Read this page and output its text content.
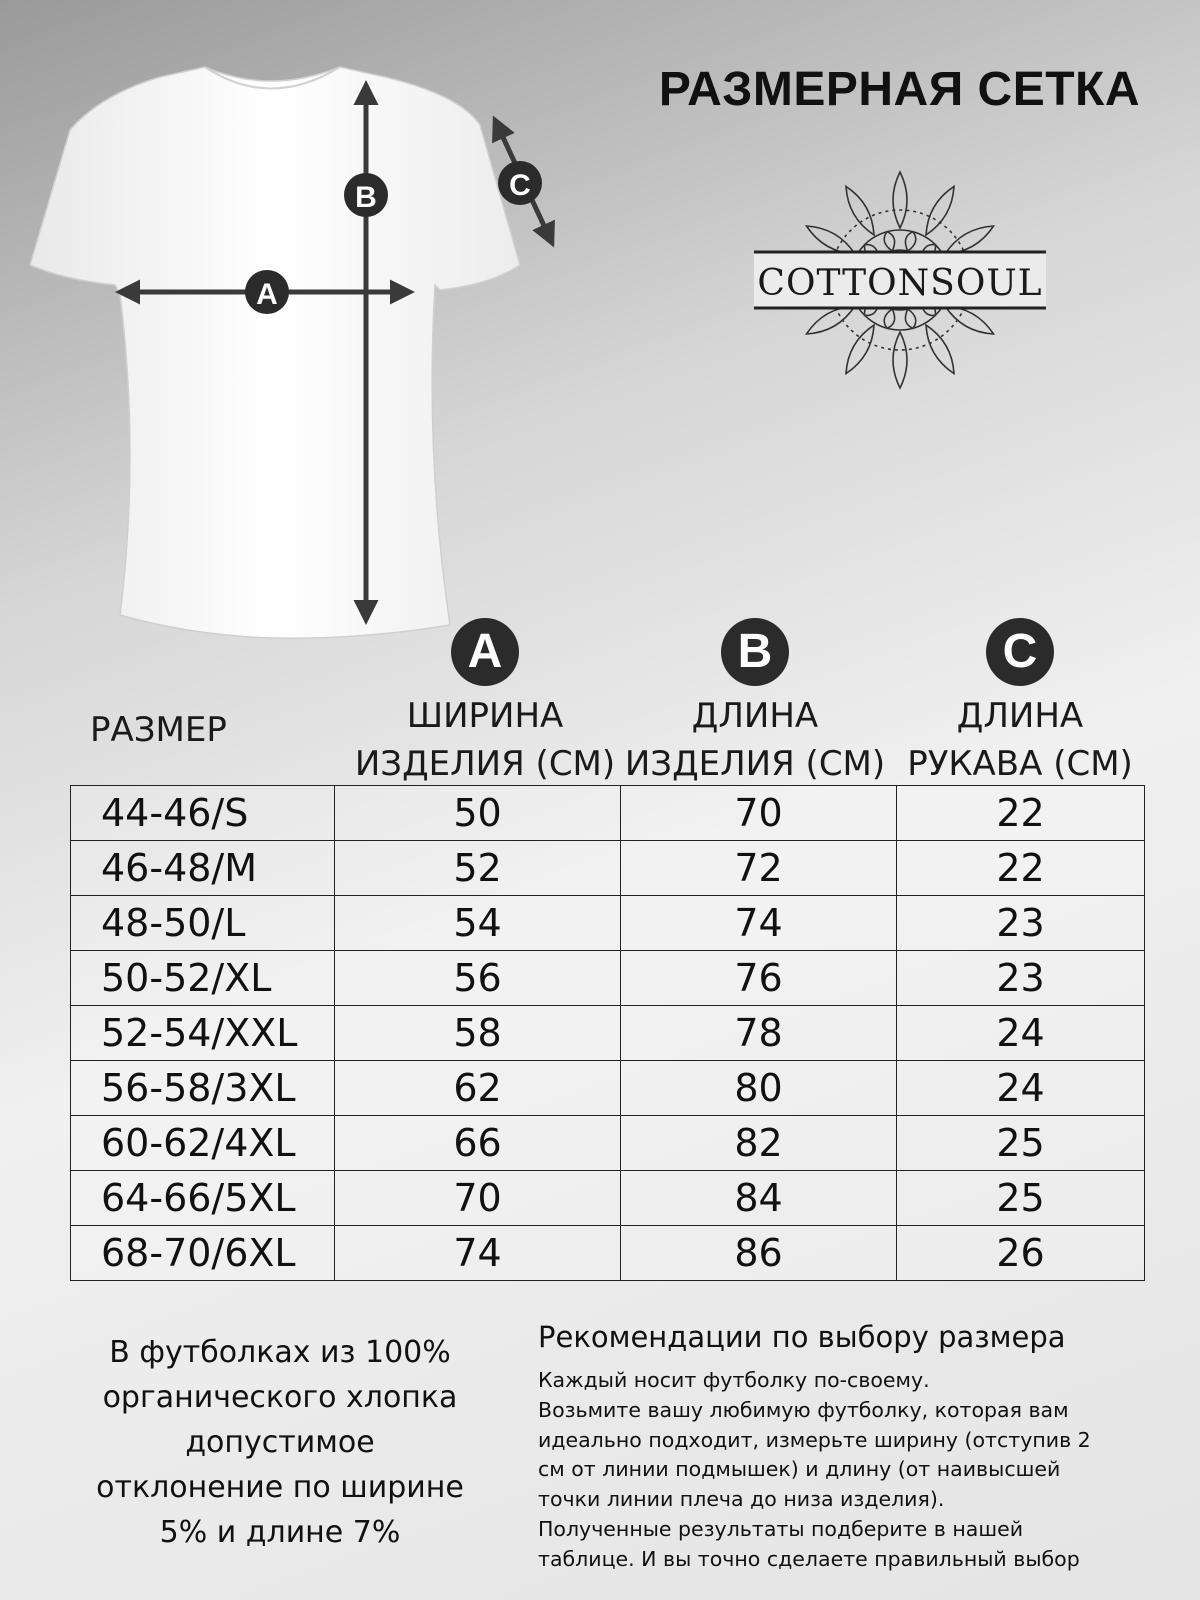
РАЗМЕРНАЯ СЕТКА
A
B	C
COTTONSOUL
РАЗМЕР
A
ШИРИНА
ИЗДЕЛИЯ (СМ)
B
ДЛИНА
ИЗДЕЛИЯ (СМ)
C
ДЛИНА
РУКАВА (СМ)
44-46/S	50	70	22
46-48/M	52	72	22
48-50/L	54	74	23
50-52/XL	56	76	23
52-54/XXL	58	78	24
56-58/3XL	62	80	24
60-62/4XL	66	82	25
64-66/5XL	70	84	25
68-70/6XL	74	86	26
В футболках из 100%
органического хлопка
допустимое
отклонение по ширине
5% и длине 7%
Рекомендации по выбору размера
Каждый носит футболку по-своему.
Возьмите вашу любимую футболку, которая вам
идеально подходит, измерьте ширину (отступив 2
см от линии подмышек) и длину (от наивысшей
точки линии плеча до низа изделия).
Полученные результаты подберите в нашей
таблице. И вы точно сделаете правильный выбор
